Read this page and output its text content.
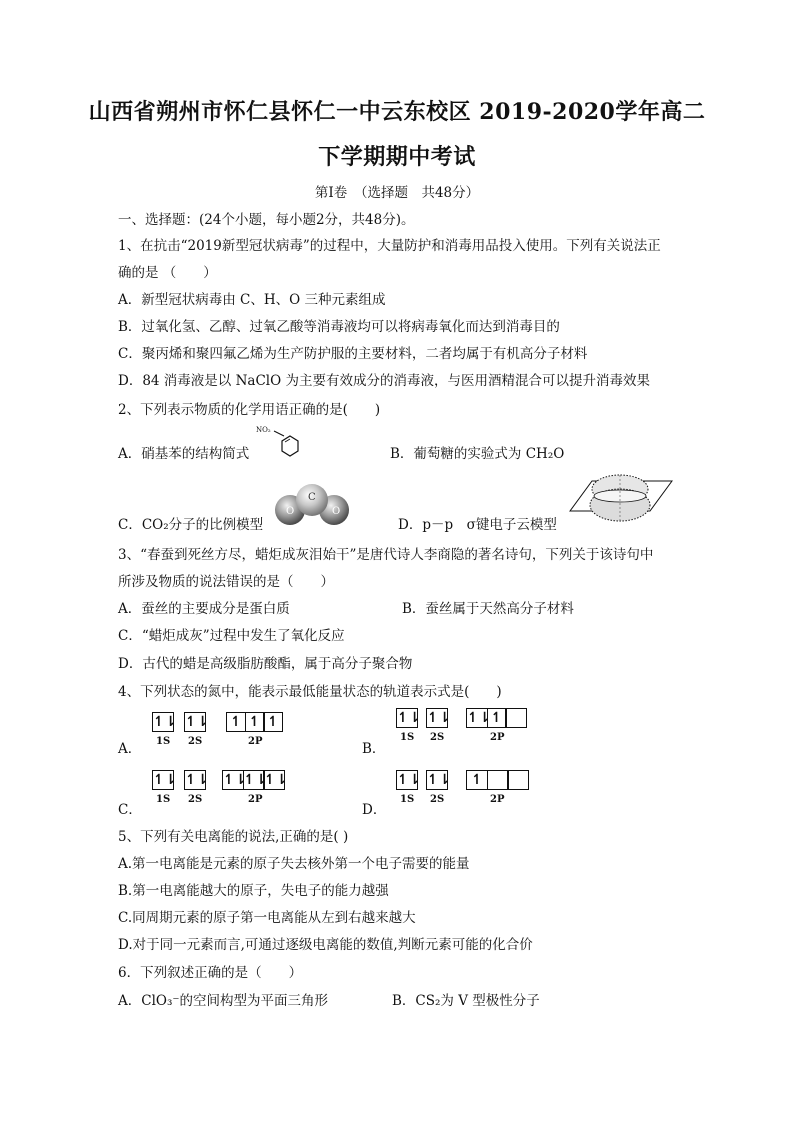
山西省朔州市怀仁县怀仁一中云东校区 2019-2020学年高二
下学期期中考试
第Ⅰ卷　（选择题　共48分）
一、选择题：(24个小题，每小题2分，共48分)。
1、在抗击“2019新型冠状病毒”的过程中，大量防护和消毒用品投入使用。下列有关说法正
确的是 （　　）
A．新型冠状病毒由 C、H、O 三种元素组成
B．过氧化氢、乙醇、过氧乙酸等消毒液均可以将病毒氧化而达到消毒目的
C．聚丙烯和聚四氟乙烯为生产防护服的主要材料，二者均属于有机高分子材料
D．84 消毒液是以 NaClO 为主要有效成分的消毒液，与医用酒精混合可以提升消毒效果
2、下列表示物质的化学用语正确的是(　　)
A．硝基苯的结构简式
NO₂
B．葡萄糖的实验式为 CH₂O
C．CO₂分子的比例模型
O
C
O
D．p－p　σ键电子云模型
3、“春蚕到死丝方尽，蜡炬成灰泪始干”是唐代诗人李商隐的著名诗句，下列关于该诗句中
所涉及物质的说法错误的是（　　）
A．蚕丝的主要成分是蛋白质	B．蚕丝属于天然高分子材料
C．“蜡炬成灰”过程中发生了氧化反应
D．古代的蜡是高级脂肪酸酯，属于高分子聚合物
4、下列状态的氮中，能表示最低能量状态的轨道表示式是(　　)
A．
↿⇂ ↿⇂ ↿ ↿ ↿
1S 2S	2P	B．
↿⇂ ↿⇂ ↿⇂ ↿
1S 2S	2P
C．
↿⇂ ↿⇂ ↿⇂
↿⇂
↿⇂
1S 2S	2P
D．
↿⇂ ↿⇂	↿
1S 2S	2P
5、下列有关电离能的说法,正确的是( )
A.第一电离能是元素的原子失去核外第一个电子需要的能量
B.第一电离能越大的原子，失电子的能力越强
C.同周期元素的原子第一电离能从左到右越来越大
D.对于同一元素而言,可通过逐级电离能的数值,判断元素可能的化合价
6．下列叙述正确的是（　　）
A．ClO₃⁻的空间构型为平面三角形	B．CS₂为 V 型极性分子
